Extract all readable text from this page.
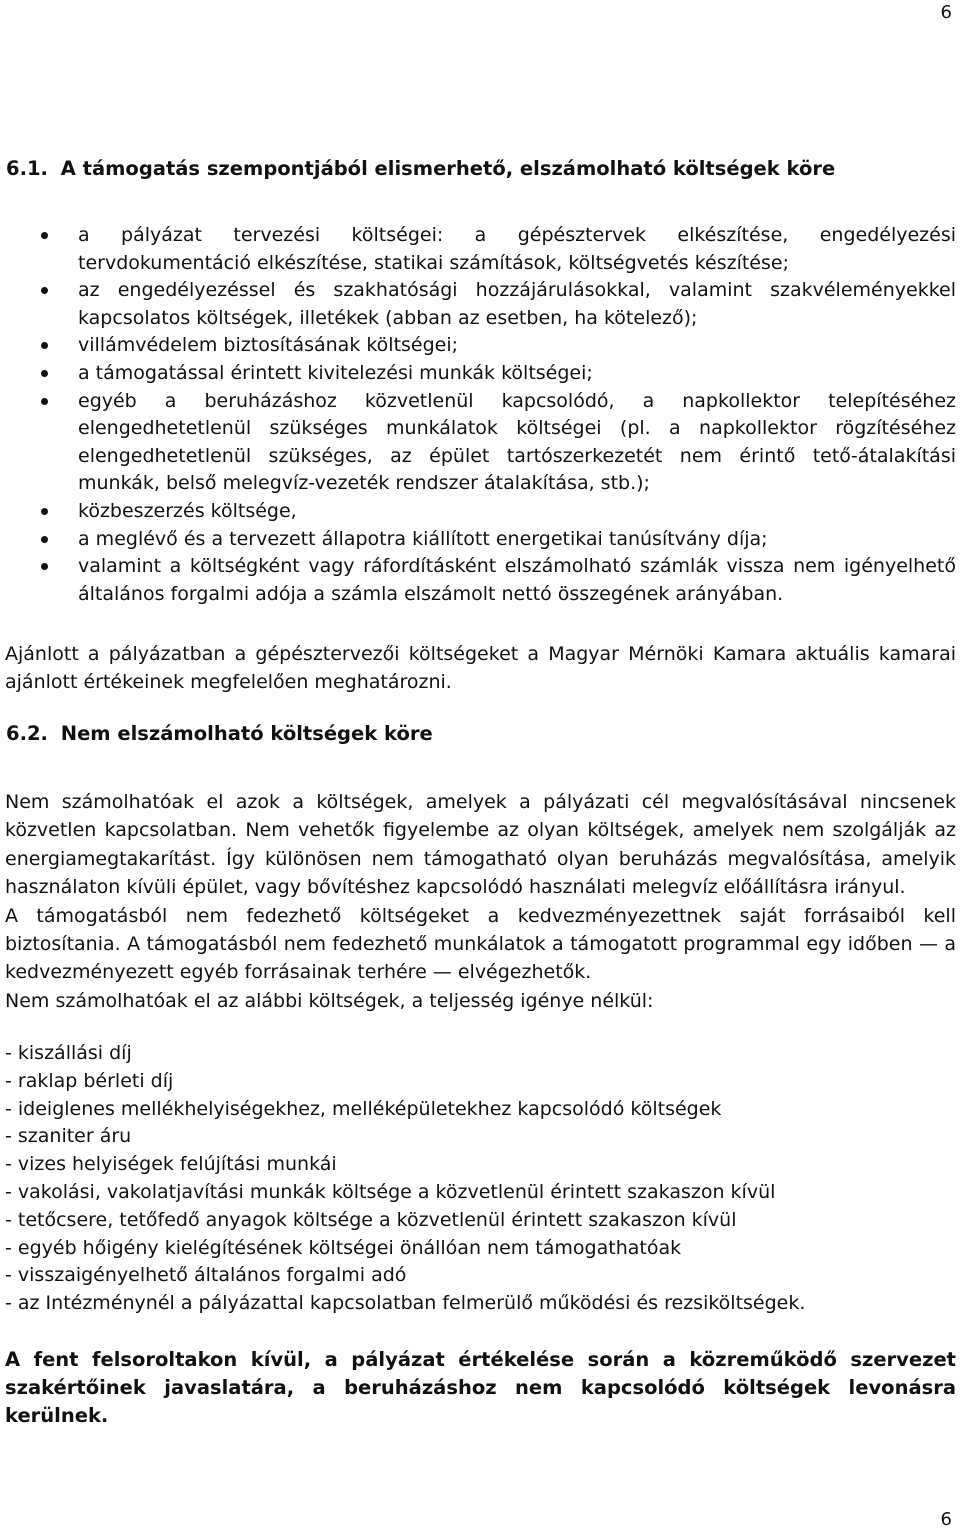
6
6.1. A támogatás szempontjából elismerhető, elszámolható költségek köre
a pályázat tervezési költségei: a gépésztervek elkészítése, engedélyezési tervdokumentáció elkészítése, statikai számítások, költségvetés készítése;
az engedélyezéssel és szakhatósági hozzájárulásokkal, valamint szakvéleményekkel kapcsolatos költségek, illetékek (abban az esetben, ha kötelező);
villámvédelem biztosításának költségei;
a támogatással érintett kivitelezési munkák költségei;
egyéb a beruházáshoz közvetlenül kapcsolódó, a napkollektor telepítéséhez elengedhetetlenül szükséges munkálatok költségei (pl. a napkollektor rögzítéséhez elengedhetetlenül szükséges, az épület tartószerkezetét nem érintő tető-átalakítási munkák, belső melegvíz-vezeték rendszer átalakítása, stb.);
közbeszerzés költsége,
a meglévő és a tervezett állapotra kiállított energetikai tanúsítvány díja;
valamint a költségként vagy ráfordításként elszámolható számlák vissza nem igényelhető általános forgalmi adója a számla elszámolt nettó összegének arányában.

Ajánlott a pályázatban a gépésztervezői költségeket a Magyar Mérnöki Kamara aktuális kamarai ajánlott értékeinek megfelelően meghatározni.

6.2. Nem elszámolható költségek köre
Nem számolhatóak el azok a költségek, amelyek a pályázati cél megvalósításával nincsenek közvetlen kapcsolatban. Nem vehetők figyelembe az olyan költségek, amelyek nem szolgálják az energiamegtakarítást. Így különösen nem támogatható olyan beruházás megvalósítása, amelyik használaton kívüli épület, vagy bővítéshez kapcsolódó használati melegvíz előállításra irányul.
A támogatásból nem fedezhető költségeket a kedvezményezettnek saját forrásaiból kell biztosítania. A támogatásból nem fedezhető munkálatok a támogatott programmal egy időben — a kedvezményezett egyéb forrásainak terhére — elvégezhetők.
Nem számolhatóak el az alábbi költségek, a teljesség igénye nélkül:
- kiszállási díj
- raklap bérleti díj
- ideiglenes mellékhelyiségekhez, melléképületekhez kapcsolódó költségek
- szaniter áru
- vizes helyiségek felújítási munkái
- vakolási, vakolatjavítási munkák költsége a közvetlenül érintett szakaszon kívül
- tetőcsere, tetőfedő anyagok költsége a közvetlenül érintett szakaszon kívül
- egyéb hőigény kielégítésének költségei önállóan nem támogathatóak
- visszaigényelhető általános forgalmi adó
- az Intézménynél a pályázattal kapcsolatban felmerülő működési és rezsiköltségek.

A fent felsoroltakon kívül, a pályázat értékelése során a közreműködő szervezet szakértőinek javaslatára, a beruházáshoz nem kapcsolódó költségek levonásra kerülnek.

6
